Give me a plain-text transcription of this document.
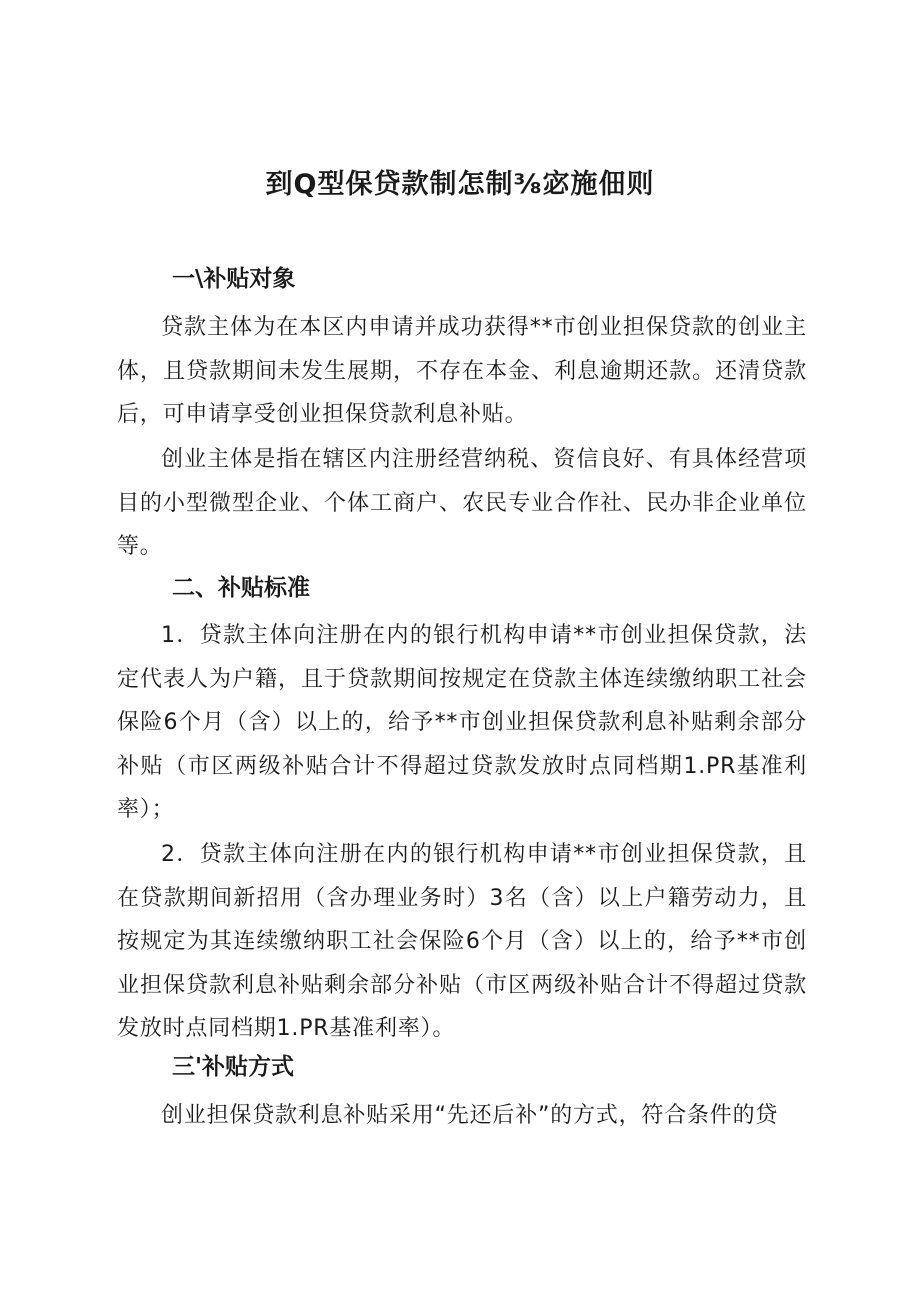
到Q型保贷款制怎制⅜宓施佃则
一\补贴对象

贷款主体为在本区内申请并成功获得**市创业担保贷款的创业主体，且贷款期间未发生展期，不存在本金、利息逾期还款。还清贷款后，可申请享受创业担保贷款利息补贴。

创业主体是指在辖区内注册经营纳税、资信良好、有具体经营项目的小型微型企业、个体工商户、农民专业合作社、民办非企业单位等。

二、补贴标准

1．贷款主体向注册在内的银行机构申请**市创业担保贷款，法定代表人为户籍，且于贷款期间按规定在贷款主体连续缴纳职工社会保险6个月（含）以上的，给予**市创业担保贷款利息补贴剩余部分补贴（市区两级补贴合计不得超过贷款发放时点同档期1.PR基准利率）；

2．贷款主体向注册在内的银行机构申请**市创业担保贷款，且在贷款期间新招用（含办理业务时）3名（含）以上户籍劳动力，且按规定为其连续缴纳职工社会保险6个月（含）以上的，给予**市创业担保贷款利息补贴剩余部分补贴（市区两级补贴合计不得超过贷款发放时点同档期1.PR基准利率）。

三'补贴方式

创业担保贷款利息补贴采用“先还后补”的方式，符合条件的贷
